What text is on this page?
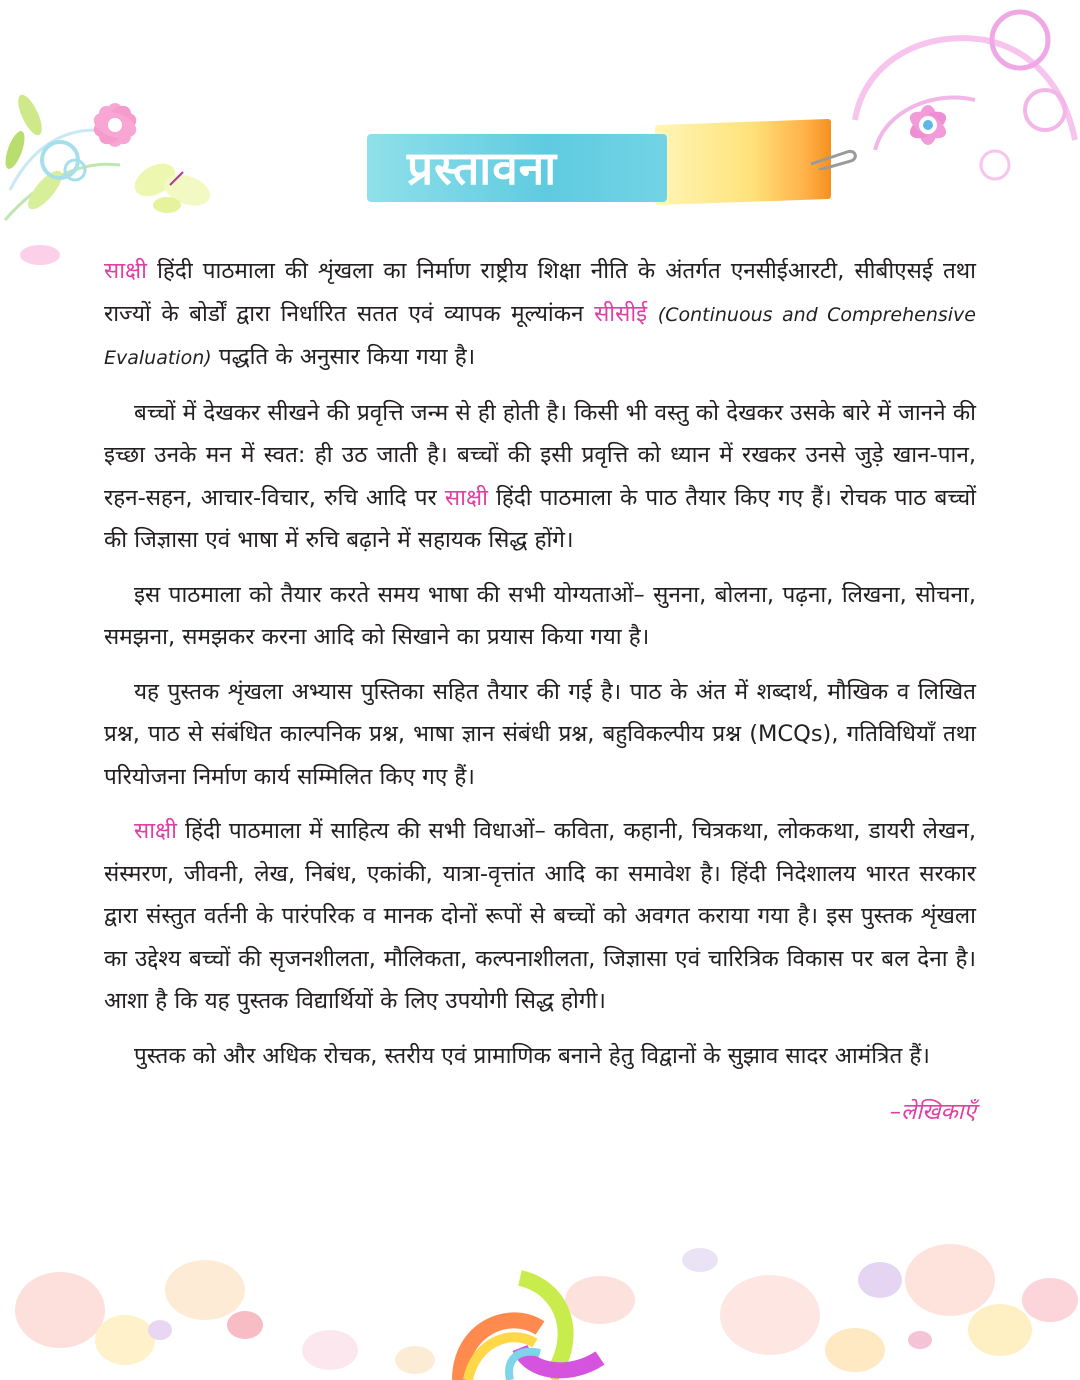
प्रस्तावना

साक्षी हिंदी पाठमाला की शृंखला का निर्माण राष्ट्रीय शिक्षा नीति के अंतर्गत एनसीईआरटी, सीबीएसई तथा राज्यों के बोर्डों द्वारा निर्धारित सतत एवं व्यापक मूल्यांकन सीसीई (Continuous and Comprehensive Evaluation) पद्धति के अनुसार किया गया है।

बच्चों में देखकर सीखने की प्रवृत्ति जन्म से ही होती है। किसी भी वस्तु को देखकर उसके बारे में जानने की इच्छा उनके मन में स्वत: ही उठ जाती है। बच्चों की इसी प्रवृत्ति को ध्यान में रखकर उनसे जुड़े खान-पान, रहन-सहन, आचार-विचार, रुचि आदि पर साक्षी हिंदी पाठमाला के पाठ तैयार किए गए हैं। रोचक पाठ बच्चों की जिज्ञासा एवं भाषा में रुचि बढ़ाने में सहायक सिद्ध होंगे।

इस पाठमाला को तैयार करते समय भाषा की सभी योग्यताओं– सुनना, बोलना, पढ़ना, लिखना, सोचना, समझना, समझकर करना आदि को सिखाने का प्रयास किया गया है।

यह पुस्तक शृंखला अभ्यास पुस्तिका सहित तैयार की गई है। पाठ के अंत में शब्दार्थ, मौखिक व लिखित प्रश्न, पाठ से संबंधित काल्पनिक प्रश्न, भाषा ज्ञान संबंधी प्रश्न, बहुविकल्पीय प्रश्न (MCQs), गतिविधियाँ तथा परियोजना निर्माण कार्य सम्मिलित किए गए हैं।

साक्षी हिंदी पाठमाला में साहित्य की सभी विधाओं– कविता, कहानी, चित्रकथा, लोककथा, डायरी लेखन, संस्मरण, जीवनी, लेख, निबंध, एकांकी, यात्रा-वृत्तांत आदि का समावेश है। हिंदी निदेशालय भारत सरकार द्वारा संस्तुत वर्तनी के पारंपरिक व मानक दोनों रूपों से बच्चों को अवगत कराया गया है। इस पुस्तक शृंखला का उद्देश्य बच्चों की सृजनशीलता, मौलिकता, कल्पनाशीलता, जिज्ञासा एवं चारित्रिक विकास पर बल देना है। आशा है कि यह पुस्तक विद्यार्थियों के लिए उपयोगी सिद्ध होगी।

पुस्तक को और अधिक रोचक, स्तरीय एवं प्रामाणिक बनाने हेतु विद्वानों के सुझाव सादर आमंत्रित हैं।

–लेखिकाएँ
